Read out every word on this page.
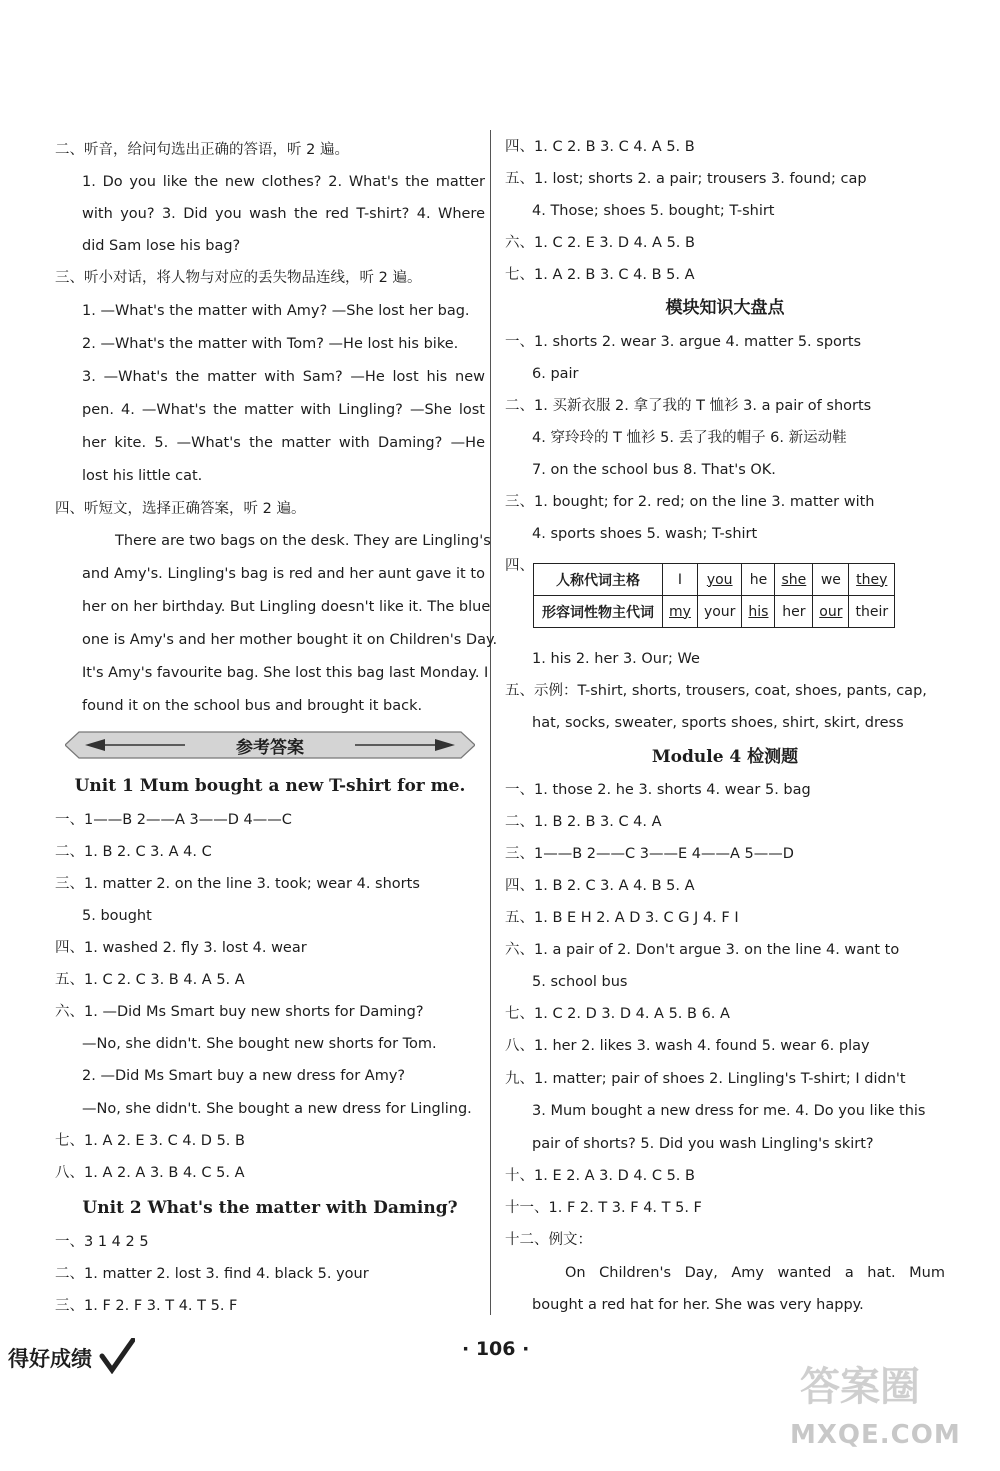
二、听音，给问句选出正确的答语，听 2 遍。
1. Do you like the new clothes? 2. What's the matter
with you? 3. Did you wash the red T-shirt? 4. Where
did Sam lose his bag?
三、听小对话，将人物与对应的丢失物品连线，听 2 遍。
1. —What's the matter with Amy? —She lost her bag.
2. —What's the matter with Tom? —He lost his bike.
3. —What's the matter with Sam? —He lost his new
pen. 4. —What's the matter with Lingling? —She lost
her kite. 5. —What's the matter with Daming? —He
lost his little cat.
四、听短文，选择正确答案，听 2 遍。
There are two bags on the desk. They are Lingling's
and Amy's. Lingling's bag is red and her aunt gave it to
her on her birthday. But Lingling doesn't like it. The blue
one is Amy's and her mother bought it on Children's Day.
It's Amy's favourite bag. She lost this bag last Monday. I
found it on the school bus and brought it back.
参考答案
Unit 1 Mum bought a new T-shirt for me.
一、1——B 2——A 3——D 4——C
二、1. B 2. C 3. A 4. C
三、1. matter 2. on the line 3. took; wear 4. shorts
5. bought
四、1. washed 2. fly 3. lost 4. wear
五、1. C 2. C 3. B 4. A 5. A
六、1. —Did Ms Smart buy new shorts for Daming?
—No, she didn't. She bought new shorts for Tom.
2. —Did Ms Smart buy a new dress for Amy?
—No, she didn't. She bought a new dress for Lingling.
七、1. A 2. E 3. C 4. D 5. B
八、1. A 2. A 3. B 4. C 5. A
Unit 2 What's the matter with Daming?
一、3 1 4 2 5
二、1. matter 2. lost 3. find 4. black 5. your
三、1. F 2. F 3. T 4. T 5. F
四、1. C 2. B 3. C 4. A 5. B
五、1. lost; shorts 2. a pair; trousers 3. found; cap
4. Those; shoes 5. bought; T-shirt
六、1. C 2. E 3. D 4. A 5. B
七、1. A 2. B 3. C 4. B 5. A
模块知识大盘点
一、1. shorts 2. wear 3. argue 4. matter 5. sports
6. pair
二、1. 买新衣服 2. 拿了我的 T 恤衫 3. a pair of shorts
4. 穿玲玲的 T 恤衫 5. 丢了我的帽子 6. 新运动鞋
7. on the school bus 8. That's OK.
三、1. bought; for 2. red; on the line 3. matter with
4. sports shoes 5. wash; T-shirt
四、
人称代词主格	I	you	he	she	we	they
形容词性物主代词	my	your	his	her	our	their
1. his 2. her 3. Our; We
五、示例：T-shirt, shorts, trousers, coat, shoes, pants, cap,
hat, socks, sweater, sports shoes, shirt, skirt, dress
Module 4 检测题
一、1. those 2. he 3. shorts 4. wear 5. bag
二、1. B 2. B 3. C 4. A
三、1——B 2——C 3——E 4——A 5——D
四、1. B 2. C 3. A 4. B 5. A
五、1. B E H 2. A D 3. C G J 4. F I
六、1. a pair of 2. Don't argue 3. on the line 4. want to
5. school bus
七、1. C 2. D 3. D 4. A 5. B 6. A
八、1. her 2. likes 3. wash 4. found 5. wear 6. play
九、1. matter; pair of shoes 2. Lingling's T-shirt; I didn't
3. Mum bought a new dress for me. 4. Do you like this
pair of shorts? 5. Did you wash Lingling's skirt?
十、1. E 2. A 3. D 4. C 5. B
十一、1. F 2. T 3. F 4. T 5. F
十二、例文：
On Children's Day, Amy wanted a hat. Mum
bought a red hat for her. She was very happy.
得好成绩	· 106 ·
答案圈
MXQE.COM
